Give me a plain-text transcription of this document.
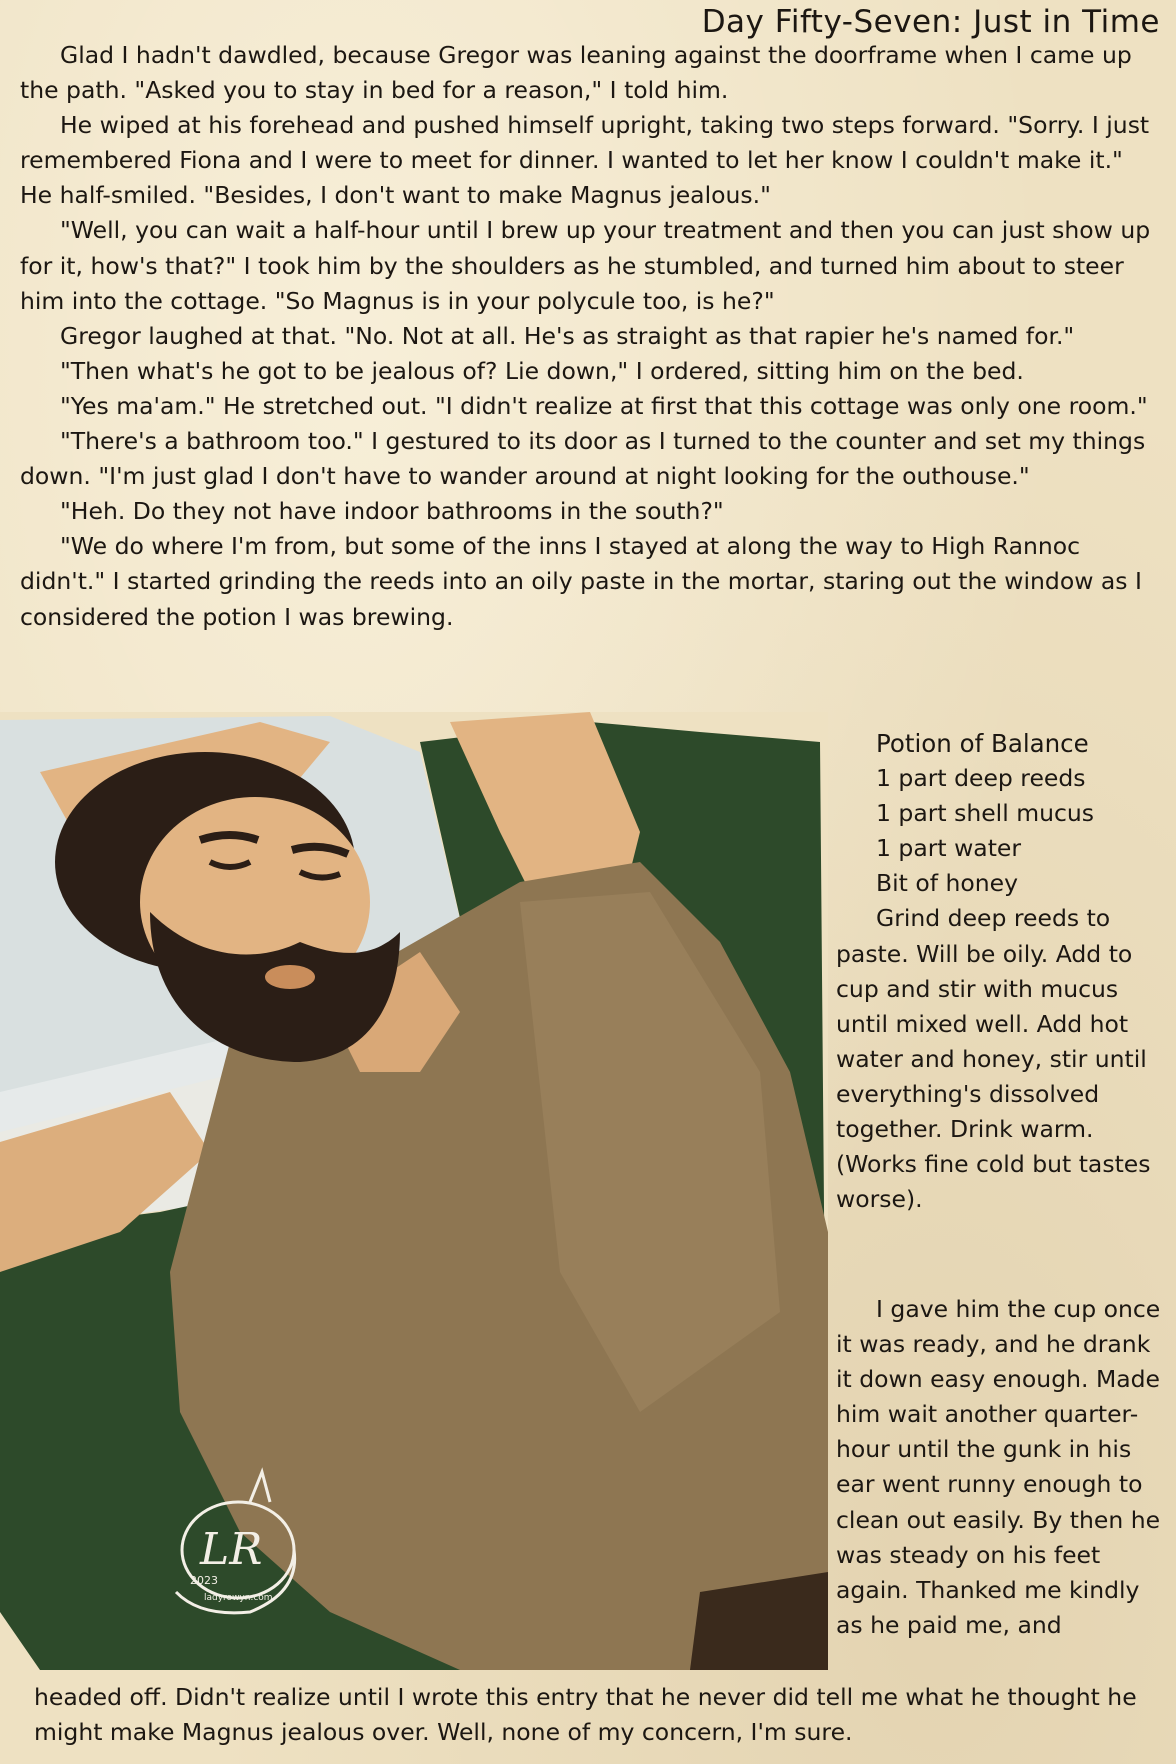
Day Fifty-Seven: Just in Time

Glad I hadn't dawdled, because Gregor was leaning against the doorframe when I came up the path. "Asked you to stay in bed for a reason," I told him.

He wiped at his forehead and pushed himself upright, taking two steps forward. "Sorry. I just remembered Fiona and I were to meet for dinner. I wanted to let her know I couldn't make it." He half-smiled. "Besides, I don't want to make Magnus jealous."

"Well, you can wait a half-hour until I brew up your treatment and then you can just show up for it, how's that?" I took him by the shoulders as he stumbled, and turned him about to steer him into the cottage. "So Magnus is in your polycule too, is he?"

Gregor laughed at that. "No. Not at all. He's as straight as that rapier he's named for."

"Then what's he got to be jealous of? Lie down," I ordered, sitting him on the bed.

"Yes ma'am." He stretched out. "I didn't realize at first that this cottage was only one room."

"There's a bathroom too." I gestured to its door as I turned to the counter and set my things down. "I'm just glad I don't have to wander around at night looking for the outhouse."

"Heh. Do they not have indoor bathrooms in the south?"

"We do where I'm from, but some of the inns I stayed at along the way to High Rannoc didn't." I started grinding the reeds into an oily paste in the mortar, staring out the window as I considered the potion I was brewing.

LR
2023
ladyrowyn.com
Potion of Balance
1 part deep reeds
1 part shell mucus
1 part water
Bit of honey

Grind deep reeds to paste. Will be oily. Add to cup and stir with mucus until mixed well. Add hot water and honey, stir until everything's dissolved together. Drink warm. (Works fine cold but tastes worse).

I gave him the cup once it was ready, and he drank it down easy enough. Made him wait another quarter-hour until the gunk in his ear went runny enough to clean out easily. By then he was steady on his feet again. Thanked me kindly as he paid me, and

headed off. Didn't realize until I wrote this entry that he never did tell me what he thought he might make Magnus jealous over. Well, none of my concern, I'm sure.
